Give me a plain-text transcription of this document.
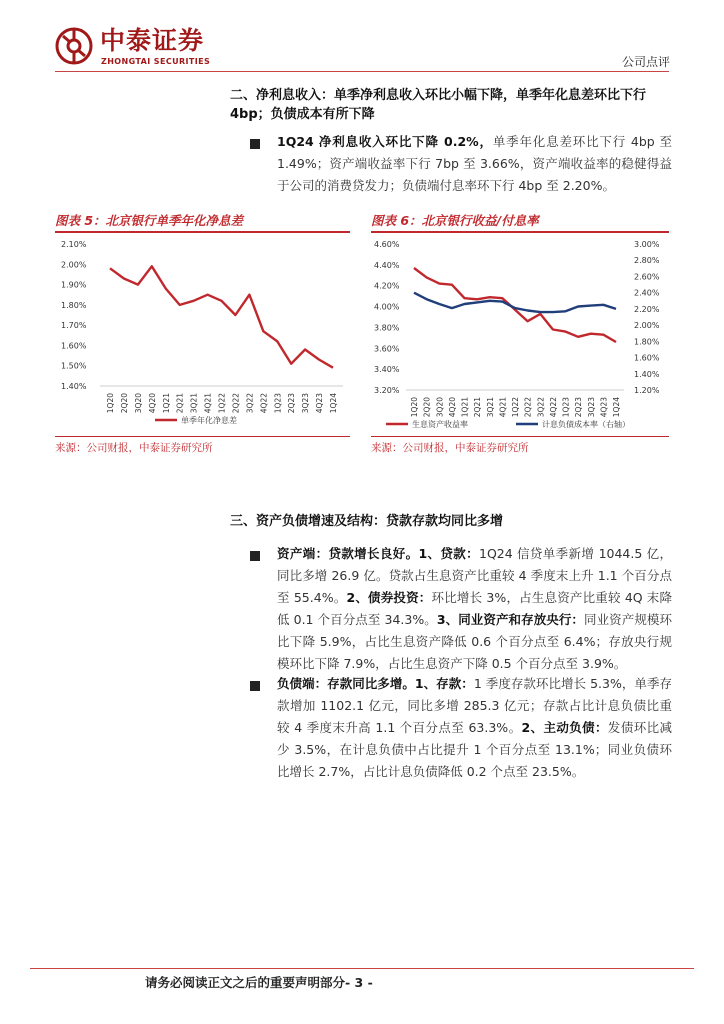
中泰证券
ZHONGTAI SECURITIES	公司点评
二、净利息收入：单季净利息收入环比小幅下降，单季年化息差环比下行
4bp；负债成本有所下降
1Q24 净利息收入环比下降 0.2%，单季年化息差环比下行 4bp 至 1.49%；资产端收益率下行 7bp 至 3.66%，资产端收益率的稳健得益于公司的消费贷发力；负债端付息率环下行 4bp 至 2.20%。
图表 5：北京银行单季年化净息差
2.10%
2.00%
1.90%
1.80%
1.70%
1.60%
1.50%
1.40%
1Q20 2Q20 3Q20 4Q20 1Q21 2Q21 3Q21 4Q21 1Q22 2Q22 3Q22 4Q22 1Q23 2Q23 3Q23 4Q23 1Q24
单季年化净息差
来源：公司财报，中泰证券研究所
图表 6：北京银行收益/付息率
4.60%
4.40%
4.20%
4.00%
3.80%
3.60%
3.40%
3.20%
3.00%
2.80%
2.60%
2.40%
2.20%
2.00%
1.80%
1.60%
1.40%
1.20%
1Q20 2Q20 3Q20 4Q20 1Q21 2Q21 3Q21 4Q21 1Q22 2Q22 3Q22 4Q22 1Q23 2Q23 3Q23 4Q23 1Q24
生息资产收益率	计息负债成本率（右轴）
来源：公司财报，中泰证券研究所
三、资产负债增速及结构：贷款存款均同比多增
资产端：贷款增长良好。1、贷款：1Q24 信贷单季新增 1044.5 亿，同比多增 26.9 亿。贷款占生息资产比重较 4 季度末上升 1.1 个百分点至 55.4%。2、债券投资：环比增长 3%，占生息资产比重较 4Q 末降低 0.1 个百分点至 34.3%。3、同业资产和存放央行：同业资产规模环比下降 5.9%，占比生息资产降低 0.6 个百分点至 6.4%；存放央行规模环比下降 7.9%，占比生息资产下降 0.5 个百分点至 3.9%。
负债端：存款同比多增。1、存款：1 季度存款环比增长 5.3%，单季存款增加 1102.1 亿元，同比多增 285.3 亿元；存款占比计息负债比重较 4 季度末升高 1.1 个百分点至 63.3%。2、主动负债：发债环比减少 3.5%，在计息负债中占比提升 1 个百分点至 13.1%；同业负债环比增长 2.7%，占比计息负债降低 0.2 个点至 23.5%。
请务必阅读正文之后的重要声明部分- 3 -
